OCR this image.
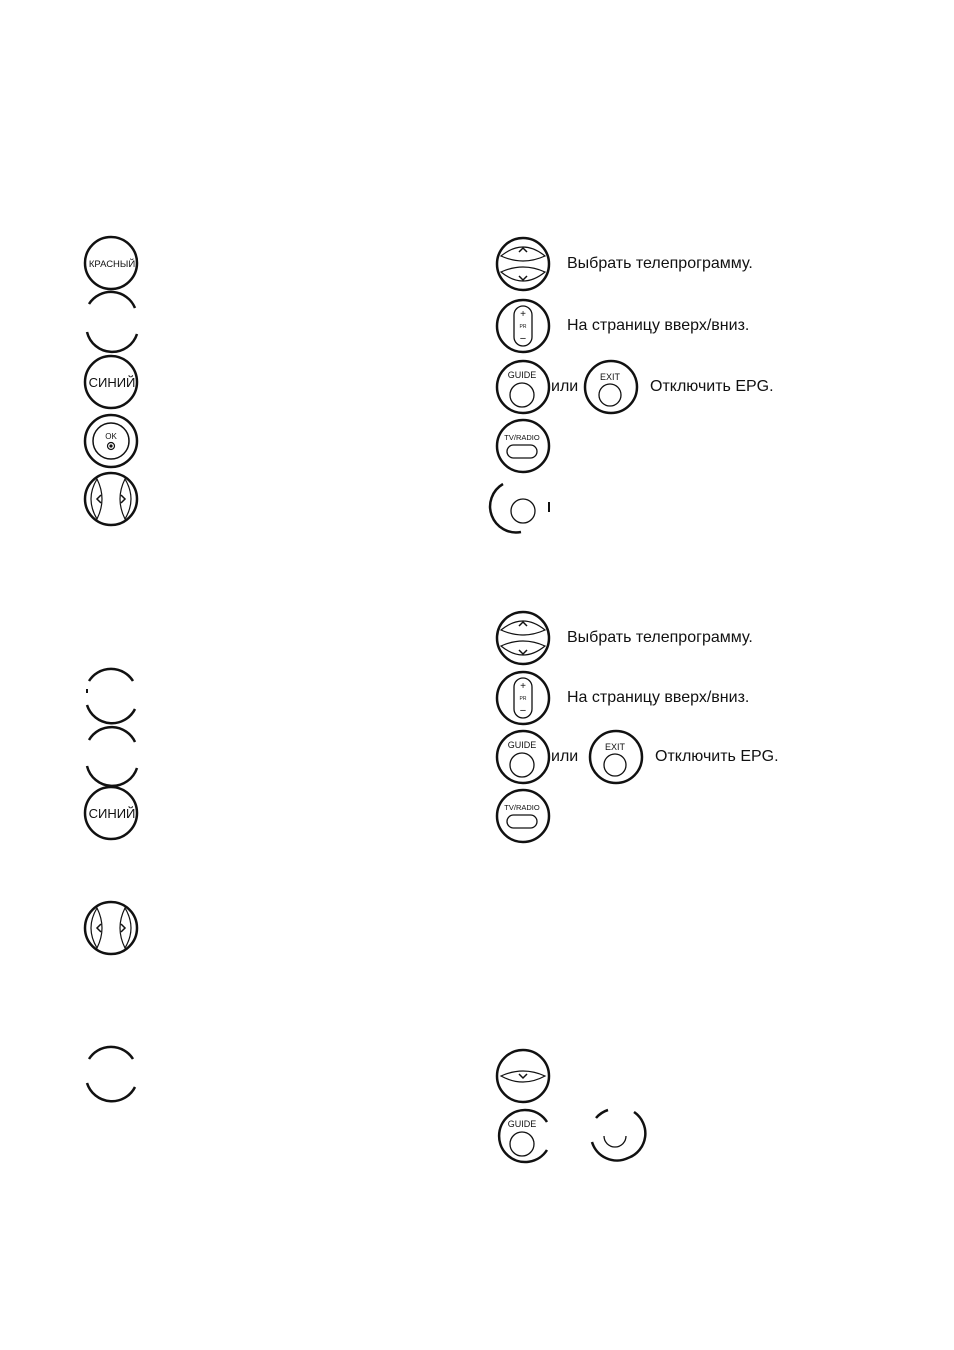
КРАСНЫЙ
СИНИЙ
OK
СИНИЙ
Выбрать телепрограмму.
+
PR
−
На страницу вверх/вниз.
GUIDE
или
EXIT
Отключить EPG.
TV/RADIO
Выбрать телепрограмму.
+
PR
−
На страницу вверх/вниз.
GUIDE
или
EXIT
Отключить EPG.
TV/RADIO
GUIDE
